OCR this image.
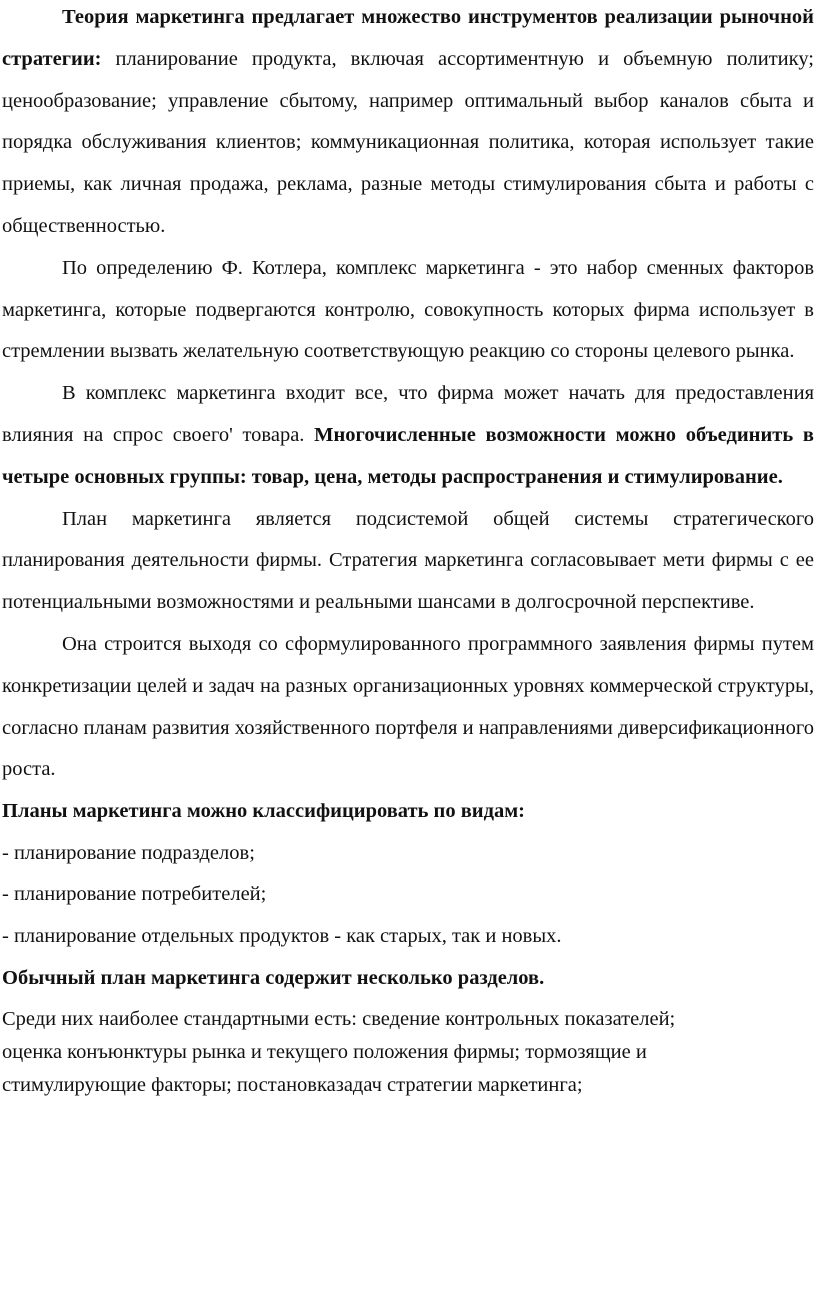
Теория маркетинга предлагает множество инструментов реализации рыночной стратегии: планирование продукта, включая ассортиментную и объемную политику; ценообразование; управление сбытому, например оптимальный выбор каналов сбыта и порядка обслуживания клиентов; коммуникационная политика, которая использует такие приемы, как личная продажа, реклама, разные методы стимулирования сбыта и работы с общественностью.

По определению Ф. Котлера, комплекс маркетинга - это набор сменных факторов маркетинга, которые подвергаются контролю, совокупность которых фирма использует в стремлении вызвать желательную соответствующую реакцию со стороны целевого рынка.

В комплекс маркетинга входит все, что фирма может начать для предоставления влияния на спрос своего' товара. Многочисленные возможности можно объединить в четыре основных группы: товар, цена, методы распространения и стимулирование.

План маркетинга является подсистемой общей системы стратегического планирования деятельности фирмы. Стратегия маркетинга согласовывает мети фирмы с ее потенциальными возможностями и реальными шансами в долгосрочной перспективе.

Она строится выходя со сформулированного программного заявления фирмы путем конкретизации целей и задач на разных организационных уровнях коммерческой структуры, согласно планам развития хозяйственного портфеля и направлениями диверсификационного роста.

Планы маркетинга можно классифицировать по видам:

- планирование подразделов;
- планирование потребителей;
- планирование отдельных продуктов - как старых, так и новых.

Обычный план маркетинга содержит несколько разделов.

Среди них наиболее стандартными есть: сведение контрольных показателей;
оценка конъюнктуры рынка и текущего положения фирмы; тормозящие и
стимулирующие факторы; постановказадач стратегии маркетинга;
